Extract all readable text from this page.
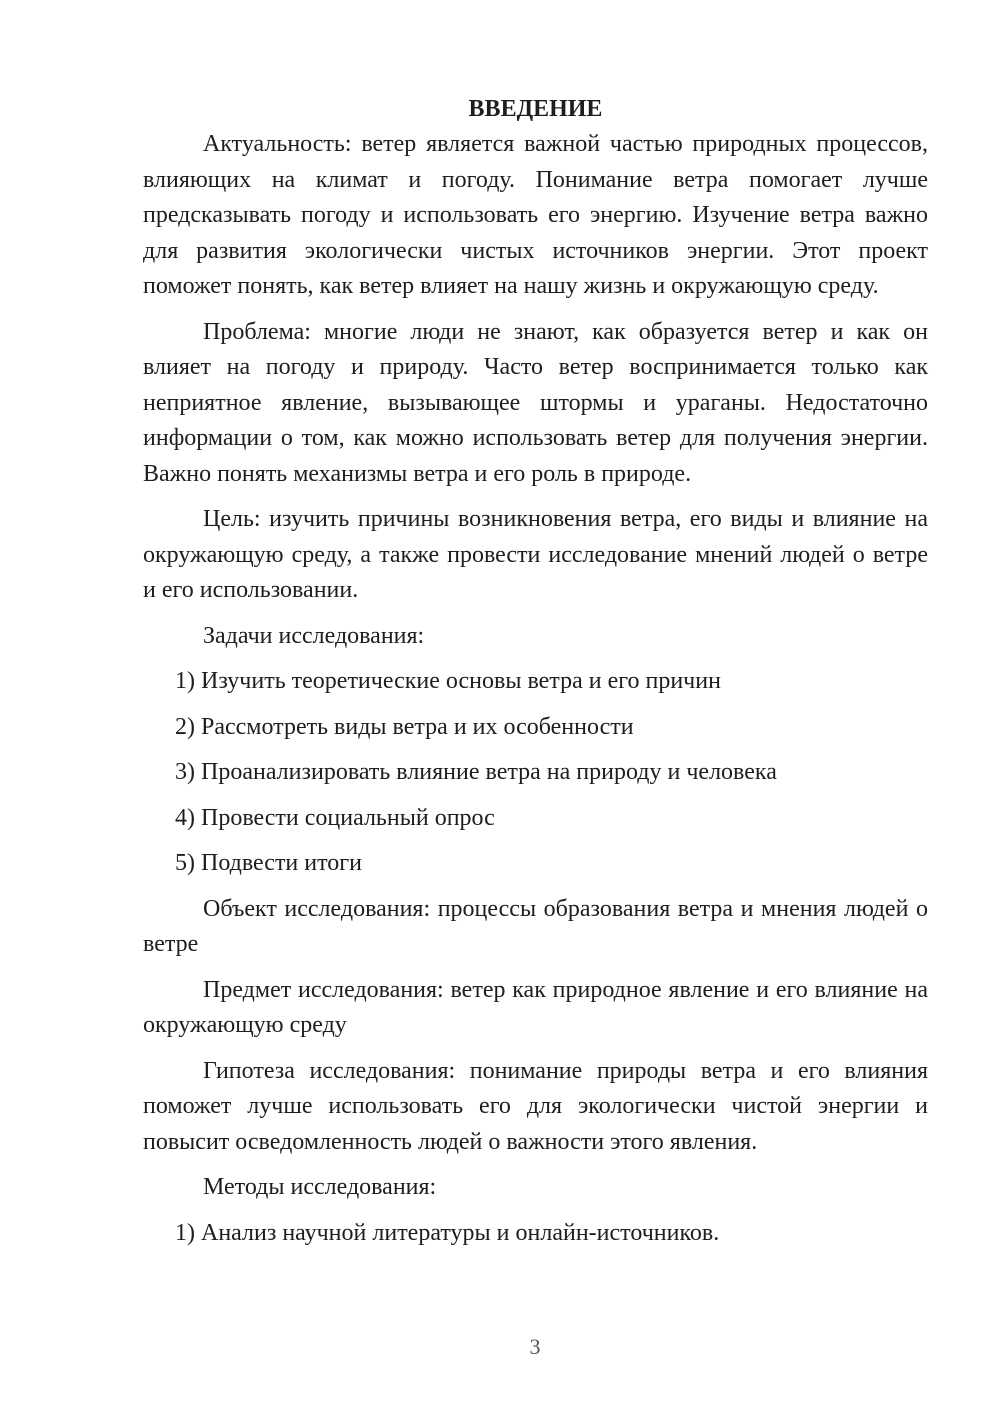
ВВЕДЕНИЕ

Актуальность: ветер является важной частью природных процессов, влияющих на климат и погоду. Понимание ветра помогает лучше предсказывать погоду и использовать его энергию. Изучение ветра важно для развития экологически чистых источников энергии. Этот проект поможет понять, как ветер влияет на нашу жизнь и окружающую среду.

Проблема: многие люди не знают, как образуется ветер и как он влияет на погоду и природу. Часто ветер воспринимается только как неприятное явление, вызывающее штормы и ураганы. Недостаточно информации о том, как можно использовать ветер для получения энергии. Важно понять механизмы ветра и его роль в природе.

Цель: изучить причины возникновения ветра, его виды и влияние на окружающую среду, а также провести исследование мнений людей о ветре и его использовании.

Задачи исследования:

1) Изучить теоретические основы ветра и его причин

2) Рассмотреть виды ветра и их особенности

3) Проанализировать влияние ветра на природу и человека

4) Провести социальный опрос

5) Подвести итоги

Объект исследования: процессы образования ветра и мнения людей о ветре

Предмет исследования: ветер как природное явление и его влияние на окружающую среду

Гипотеза исследования: понимание природы ветра и его влияния поможет лучше использовать его для экологически чистой энергии и повысит осведомленность людей о важности этого явления.

Методы исследования:

1) Анализ научной литературы и онлайн-источников.

3
